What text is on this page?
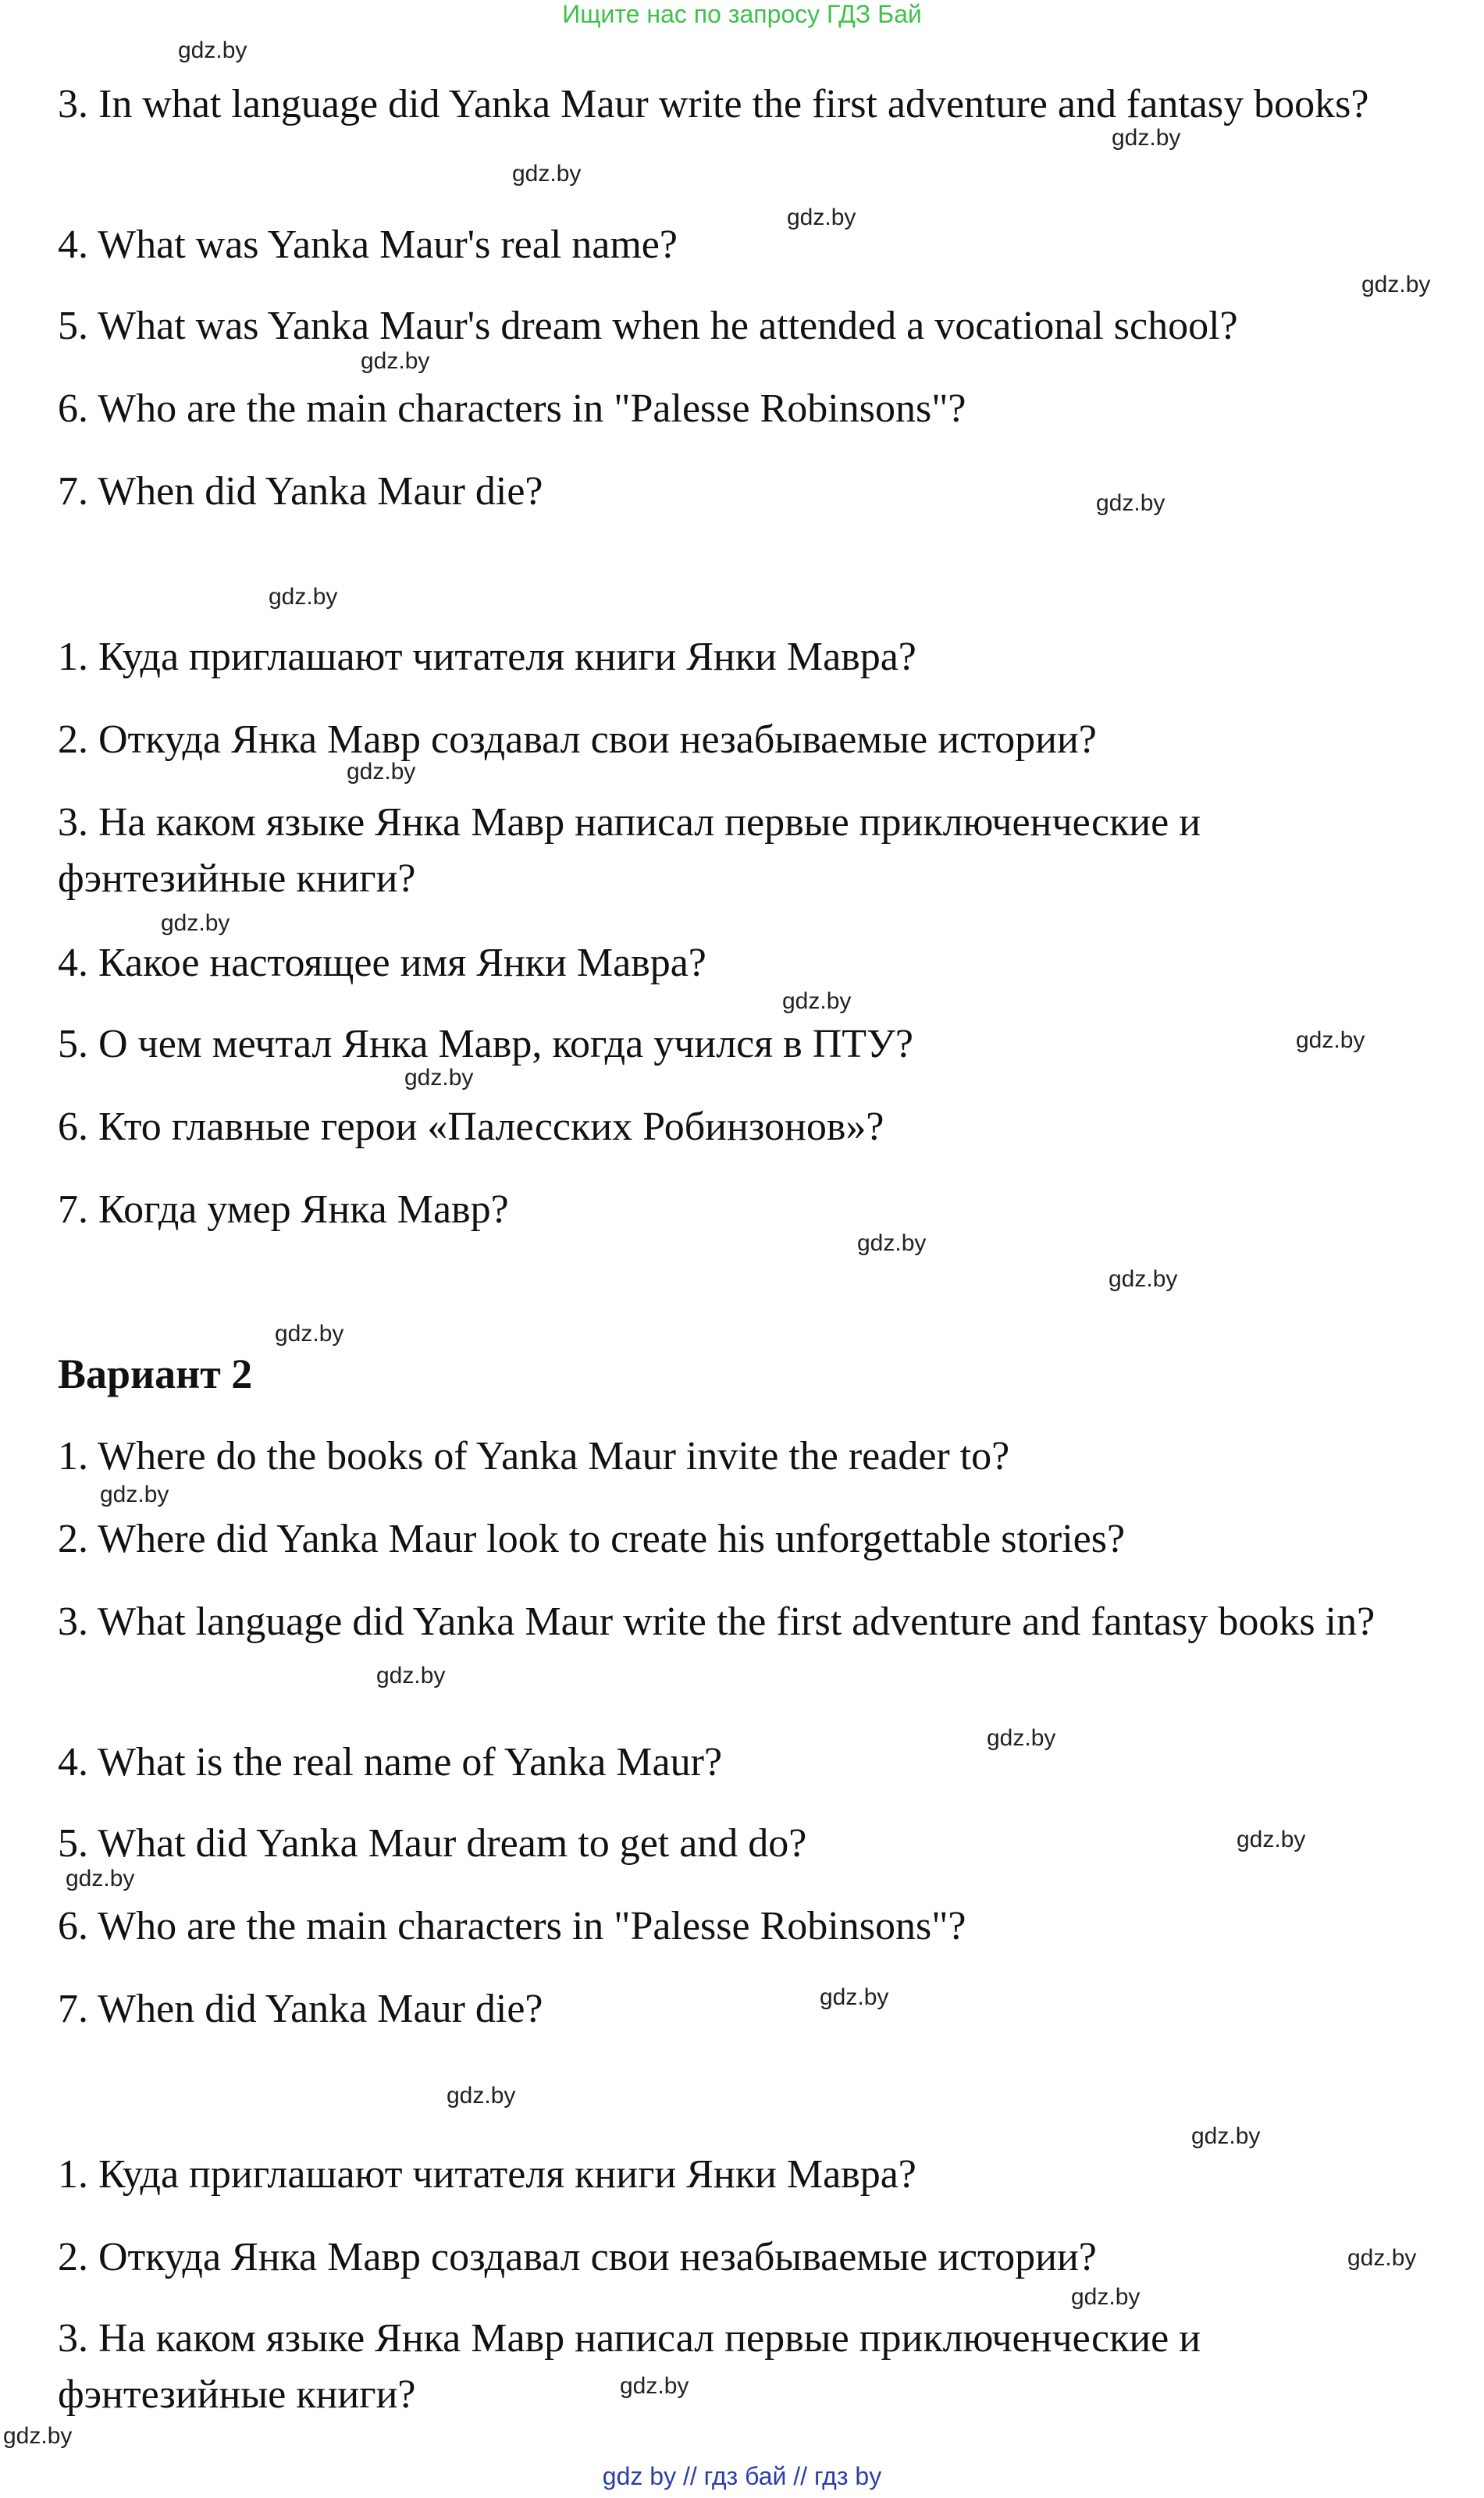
Ищите нас по запросу ГДЗ Бай

3. In what language did Yanka Maur write the first adventure and fantasy books?

4. What was Yanka Maur's real name?

5. What was Yanka Maur's dream when he attended a vocational school?

6. Who are the main characters in "Palesse Robinsons"?

7. When did Yanka Maur die?

1. Куда приглашают читателя книги Янки Мавра?

2. Откуда Янка Мавр создавал свои незабываемые истории?

3. На каком языке Янка Мавр написал первые приключенческие и фэнтезийные книги?

4. Какое настоящее имя Янки Мавра?

5. О чем мечтал Янка Мавр, когда учился в ПТУ?

6. Кто главные герои «Палесских Робинзонов»?

7. Когда умер Янка Мавр?

Вариант 2

1. Where do the books of Yanka Maur invite the reader to?

2. Where did Yanka Maur look to create his unforgettable stories?

3. What language did Yanka Maur write the first adventure and fantasy books in?

4. What is the real name of Yanka Maur?

5. What did Yanka Maur dream to get and do?

6. Who are the main characters in "Palesse Robinsons"?

7. When did Yanka Maur die?

1. Куда приглашают читателя книги Янки Мавра?

2. Откуда Янка Мавр создавал свои незабываемые истории?

3. На каком языке Янка Мавр написал первые приключенческие и фэнтезийные книги?

gdz.by
gdz.by
gdz.by
gdz.by
gdz.by
gdz.by
gdz.by
gdz.by
gdz.by
gdz.by
gdz.by
gdz.by
gdz.by
gdz.by
gdz.by
gdz.by
gdz.by
gdz.by
gdz.by
gdz.by
gdz.by
gdz.by
gdz.by
gdz.by
gdz.by
gdz.by
gdz.by
gdz.by
gdz by // гдз бай // гдз by
